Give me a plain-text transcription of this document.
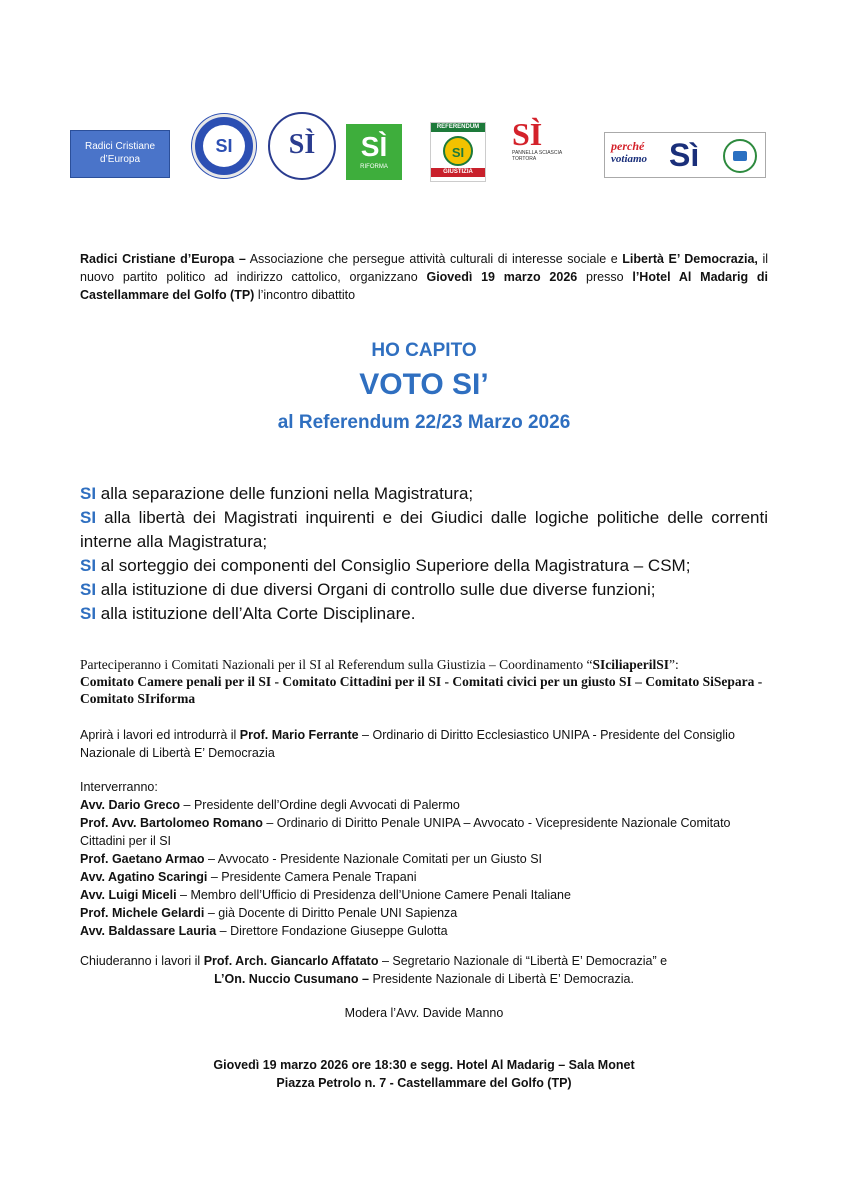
Radici Cristiane d’Europa
SI	SÌ	SÌ
RIFORMA
REFERENDUM
SI
GIUSTIZIA
SÌ
PANNELLA SCIASCIA TORTORA
perché
votiamo Sì
Radici Cristiane d’Europa – Associazione che persegue attività culturali di interesse sociale e Libertà E’ Democrazia, il nuovo partito politico ad indirizzo cattolico, organizzano Giovedì 19 marzo 2026 presso l’Hotel Al Madarig di Castellammare del Golfo (TP) l’incontro dibattito
HO CAPITO
VOTO SI’
al Referendum 22/23 Marzo 2026
SI alla separazione delle funzioni nella Magistratura;
SI alla libertà dei Magistrati inquirenti e dei Giudici dalle logiche politiche delle correnti interne alla Magistratura;
SI al sorteggio dei componenti del Consiglio Superiore della Magistratura – CSM;
SI alla istituzione di due diversi Organi di controllo sulle due diverse funzioni;
SI alla istituzione dell’Alta Corte Disciplinare.
Parteciperanno i Comitati Nazionali per il SI al Referendum sulla Giustizia – Coordinamento “SIciliaperilSI”:
Comitato Camere penali per il SI - Comitato Cittadini per il SI - Comitati civici per un giusto SI – Comitato SiSepara - Comitato SIriforma
Aprirà i lavori ed introdurrà il Prof. Mario Ferrante – Ordinario di Diritto Ecclesiastico UNIPA - Presidente del Consiglio Nazionale di Libertà E’ Democrazia
Interverranno:
Avv. Dario Greco – Presidente dell’Ordine degli Avvocati di Palermo
Prof. Avv. Bartolomeo Romano – Ordinario di Diritto Penale UNIPA – Avvocato - Vicepresidente Nazionale Comitato Cittadini per il SI
Prof. Gaetano Armao – Avvocato - Presidente Nazionale Comitati per un Giusto SI
Avv. Agatino Scaringi – Presidente Camera Penale Trapani
Avv. Luigi Miceli – Membro dell’Ufficio di Presidenza dell’Unione Camere Penali Italiane
Prof. Michele Gelardi – già Docente di Diritto Penale UNI Sapienza
Avv. Baldassare Lauria – Direttore Fondazione Giuseppe Gulotta
Chiuderanno i lavori il Prof. Arch. Giancarlo Affatato – Segretario Nazionale di “Libertà E’ Democrazia” e
L’On. Nuccio Cusumano – Presidente Nazionale di Libertà E’ Democrazia.
Modera l’Avv. Davide Manno
Giovedì 19 marzo 2026 ore 18:30 e segg. Hotel Al Madarig – Sala Monet
Piazza Petrolo n. 7 - Castellammare del Golfo (TP)
